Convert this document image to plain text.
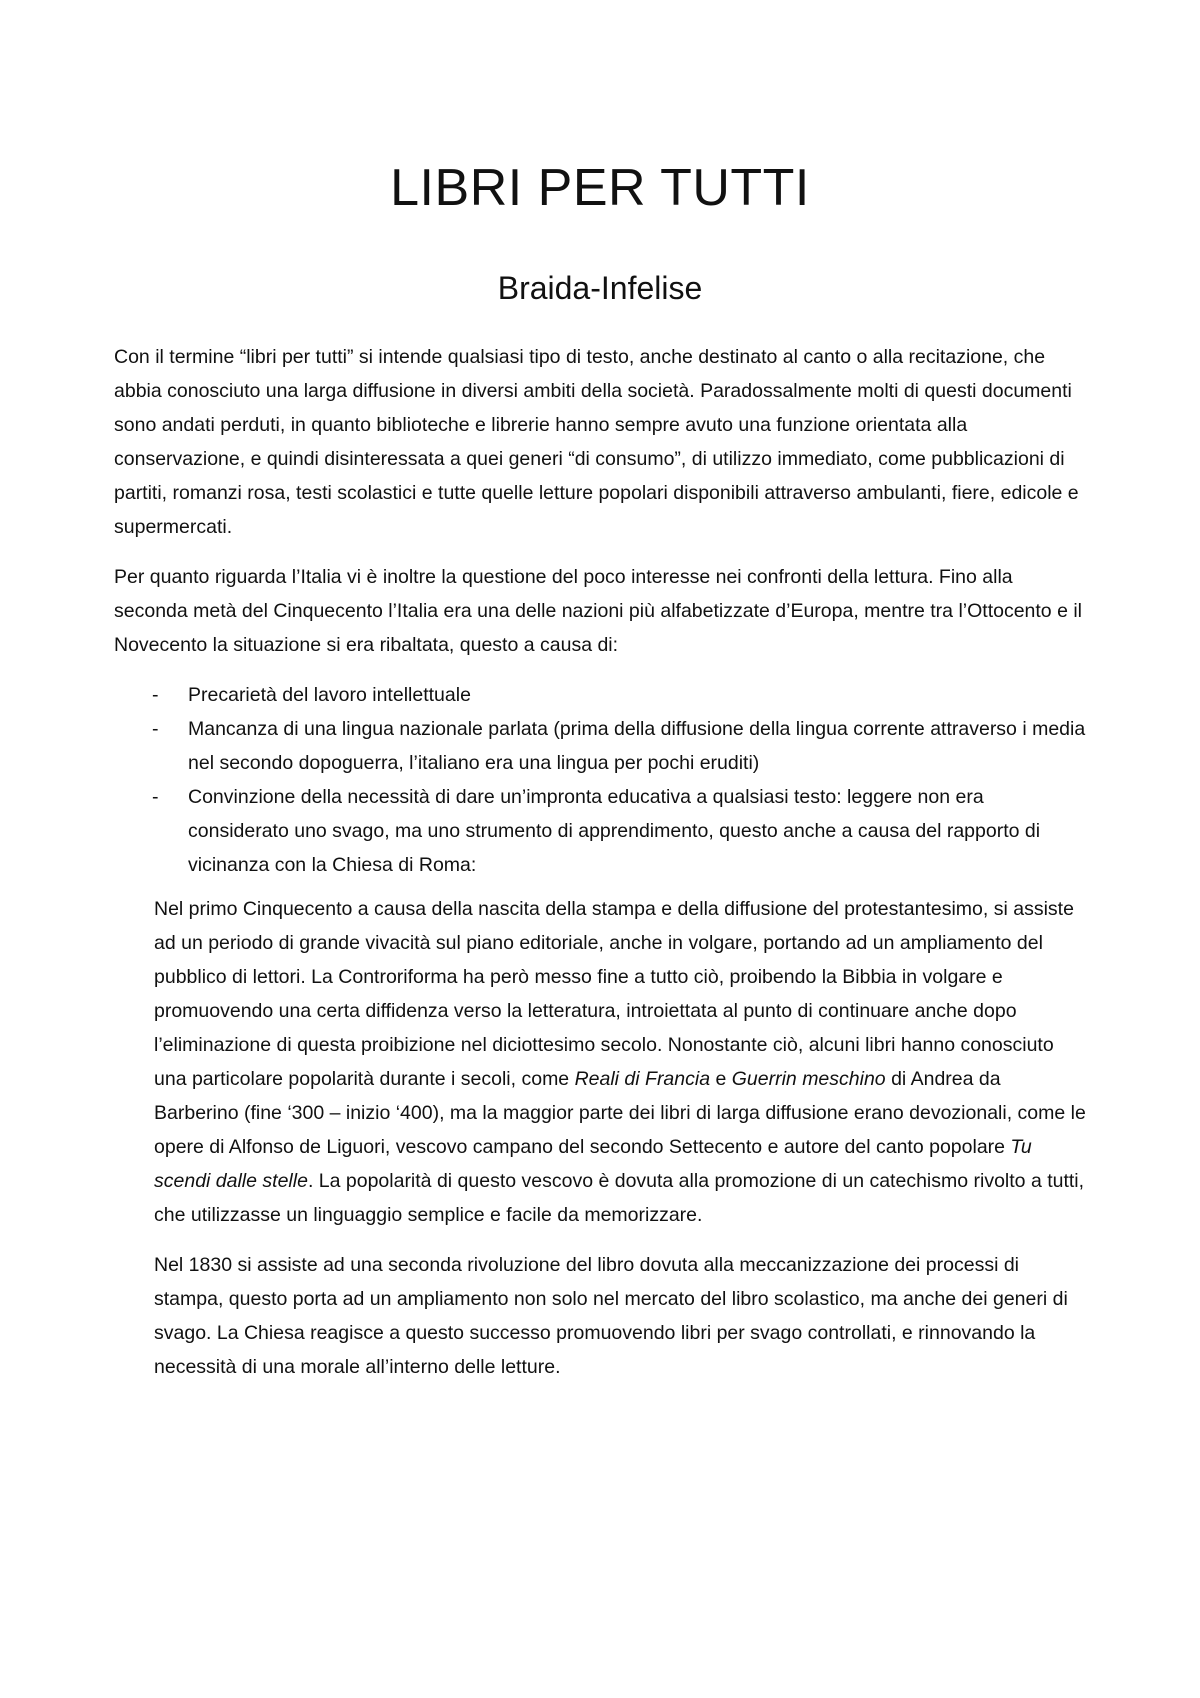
LIBRI PER TUTTI
Braida-Infelise

Con il termine “libri per tutti” si intende qualsiasi tipo di testo, anche destinato al canto o alla recitazione, che abbia conosciuto una larga diffusione in diversi ambiti della società. Paradossalmente molti di questi documenti sono andati perduti, in quanto biblioteche e librerie hanno sempre avuto una funzione orientata alla conservazione, e quindi disinteressata a quei generi “di consumo”, di utilizzo immediato, come pubblicazioni di partiti, romanzi rosa, testi scolastici e tutte quelle letture popolari disponibili attraverso ambulanti, fiere, edicole e supermercati.

Per quanto riguarda l’Italia vi è inoltre la questione del poco interesse nei confronti della lettura. Fino alla seconda metà del Cinquecento l’Italia era una delle nazioni più alfabetizzate d’Europa, mentre tra l’Ottocento e il Novecento la situazione si era ribaltata, questo a causa di:

- Precarietà del lavoro intellettuale
- Mancanza di una lingua nazionale parlata (prima della diffusione della lingua corrente attraverso i media nel secondo dopoguerra, l’italiano era una lingua per pochi eruditi)
- Convinzione della necessità di dare un’impronta educativa a qualsiasi testo: leggere non era considerato uno svago, ma uno strumento di apprendimento, questo anche a causa del rapporto di vicinanza con la Chiesa di Roma:

Nel primo Cinquecento a causa della nascita della stampa e della diffusione del protestantesimo, si assiste ad un periodo di grande vivacità sul piano editoriale, anche in volgare, portando ad un ampliamento del pubblico di lettori. La Controriforma ha però messo fine a tutto ciò, proibendo la Bibbia in volgare e promuovendo una certa diffidenza verso la letteratura, introiettata al punto di continuare anche dopo l’eliminazione di questa proibizione nel diciottesimo secolo. Nonostante ciò, alcuni libri hanno conosciuto una particolare popolarità durante i secoli, come Reali di Francia e Guerrin meschino di Andrea da Barberino (fine ‘300 – inizio ‘400), ma la maggior parte dei libri di larga diffusione erano devozionali, come le opere di Alfonso de Liguori, vescovo campano del secondo Settecento e autore del canto popolare Tu scendi dalle stelle. La popolarità di questo vescovo è dovuta alla promozione di un catechismo rivolto a tutti, che utilizzasse un linguaggio semplice e facile da memorizzare.

Nel 1830 si assiste ad una seconda rivoluzione del libro dovuta alla meccanizzazione dei processi di stampa, questo porta ad un ampliamento non solo nel mercato del libro scolastico, ma anche dei generi di svago. La Chiesa reagisce a questo successo promuovendo libri per svago controllati, e rinnovando la necessità di una morale all’interno delle letture.
